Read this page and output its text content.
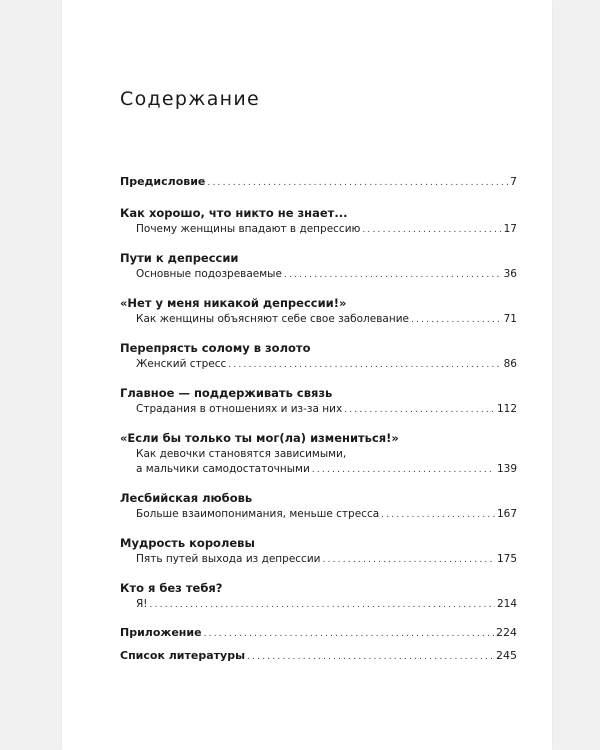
Содержание
Предисловие .....	7
Как хорошо, что никто не знает...
Почему женщины впадают в депрессию .....	17
Пути к депрессии
Основные подозреваемые .....	36
«Нет у меня никакой депрессии!»
Как женщины объясняют себе свое заболевание .....	71
Перепрясть солому в золото
Женский стресс .....	86
Главное — поддерживать связь
Страдания в отношениях и из-за них .....	112
«Если бы только ты мог(ла) измениться!»
Как девочки становятся зависимыми,
а мальчики самодостаточными .....	139
Лесбийская любовь
Больше взаимопонимания, меньше стресса .....	167
Мудрость королевы
Пять путей выхода из депрессии .....	175
Кто я без тебя?
Я! .....	214
Приложение .....	224
Список литературы .....	245
